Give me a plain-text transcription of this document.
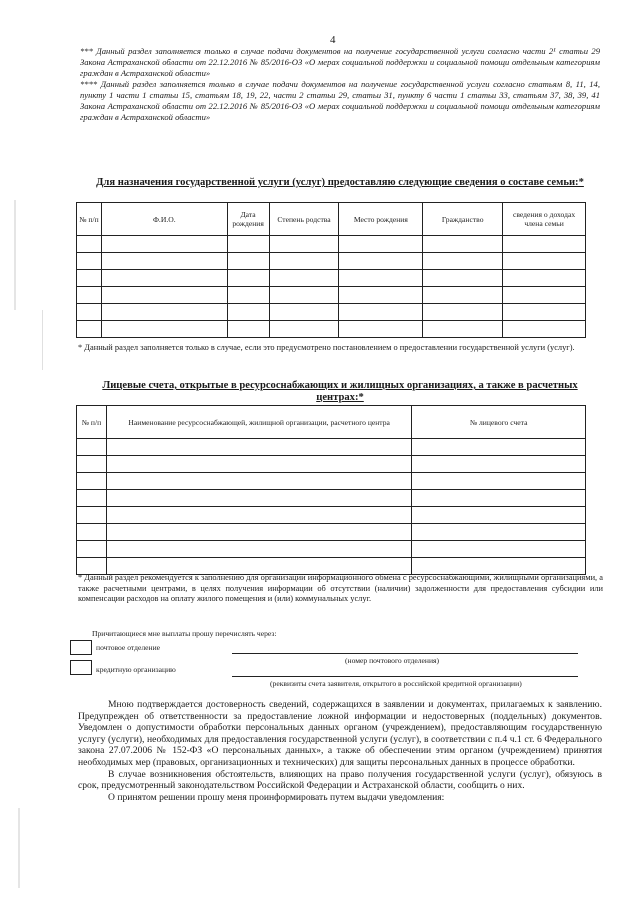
4

*** Данный раздел заполняется только в случае подачи документов на получение государственной услуги согласно части 2¹ статьи 29 Закона Астраханской области от 22.12.2016 № 85/2016-ОЗ «О мерах социальной поддержки и социальной помощи отдельным категориям граждан в Астраханской области»

**** Данный раздел заполняется только в случае подачи документов на получение государственной услуги согласно статьям 8, 11, 14, пункту 1 части 1 статьи 15, статьям 18, 19, 22, части 2 статьи 29, статьи 31, пункту 6 части 1 статьи 33, статьям 37, 38, 39, 41 Закона Астраханской области от 22.12.2016 № 85/2016-ОЗ «О мерах социальной поддержки и социальной помощи отдельным категориям граждан в Астраханской области»

Для назначения государственной услуги (услуг) предоставляю следующие сведения о составе семьи:*
№ п/п	Ф.И.О.	Дата рождения	Степень родства	Место рождения	Гражданство	сведения о доходах члена семьи

* Данный раздел заполняется только в случае, если это предусмотрено постановлением о предоставлении государственной услуги (услуг).
Лицевые счета, открытые в ресурсоснабжающих и жилищных организациях, а также в расчетных центрах:*
№ п/п	Наименование ресурсоснабжающей, жилищной организации, расчетного центра	№ лицевого счета

* Данный раздел рекомендуется к заполнению для организации информационного обмена с ресурсоснабжающими, жилищными организациями, а также расчетными центрами, в целях получения информации об отсутствии (наличии) задолженности для предоставления субсидии или компенсации расходов на оплату жилого помещения и (или) коммунальных услуг.
Причитающиеся мне выплаты прошу перечислять через:
почтовое отделение
(номер почтового отделения)
кредитную организацию
(реквизиты счета заявителя, открытого в российской кредитной организации)

Мною подтверждается достоверность сведений, содержащихся в заявлении и документах, прилагаемых к заявлению. Предупрежден об ответственности за предоставление ложной информации и недостоверных (поддельных) документов. Уведомлен о допустимости обработки персональных данных органом (учреждением), предоставляющим государственную услугу (услуги), необходимых для предоставления государственной услуги (услуг), в соответствии с п.4 ч.1 ст. 6 Федерального закона 27.07.2006 № 152-ФЗ «О персональных данных», а также об обеспечении этим органом (учреждением) принятия необходимых мер (правовых, организационных и технических) для защиты персональных данных в процессе обработки.

В случае возникновения обстоятельств, влияющих на право получения государственной услуги (услуг), обязуюсь в срок, предусмотренный законодательством Российской Федерации и Астраханской области, сообщить о них.

О принятом решении прошу меня проинформировать путем выдачи уведомления:
